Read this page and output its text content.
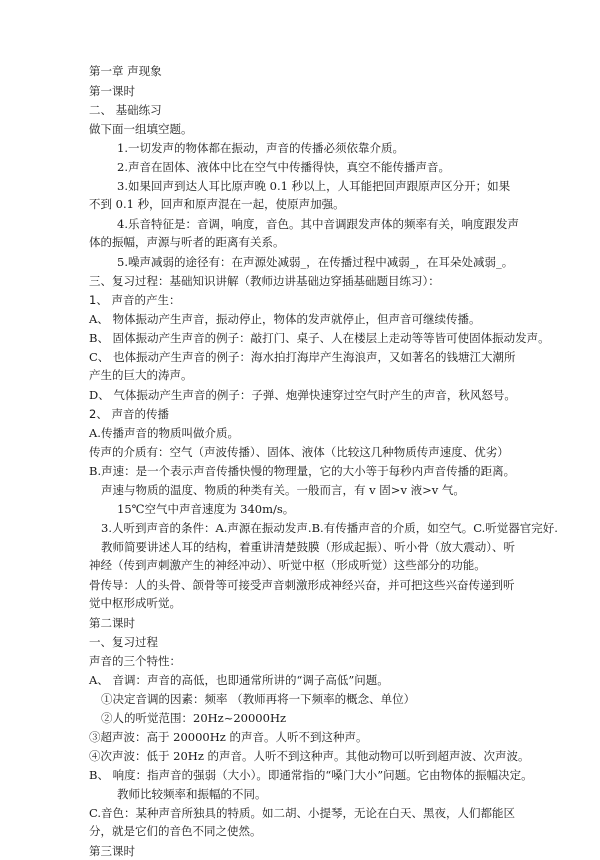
第一章 声现象
第一课时
二、 基础练习
做下面一组填空题。
1.一切发声的物体都在振动，声音的传播必须依靠介质。
2.声音在固体、液体中比在空气中传播得快，真空不能传播声音。
3.如果回声到达人耳比原声晚 0.1 秒以上，人耳能把回声跟原声区分开；如果不到 0.1 秒，回声和原声混在一起，使原声加强。
4.乐音特征是：音调，响度，音色。其中音调跟发声体的频率有关，响度跟发声体的振幅，声源与听者的距离有关系。
5.噪声减弱的途径有：在声源处减弱_，在传播过程中减弱_，在耳朵处减弱_。
三、复习过程：基础知识讲解（教师边讲基础边穿插基础题目练习）：
1、 声音的产生：
A、 物体振动产生声音，振动停止，物体的发声就停止，但声音可继续传播。
B、 固体振动产生声音的例子：敲打门、桌子、人在楼层上走动等等皆可使固体振动发声。
C、 也体振动产生声音的例子：海水拍打海岸产生海浪声，又如著名的钱塘江大潮所产生的巨大的涛声。
D、 气体振动产生声音的例子：子弹、炮弹快速穿过空气时产生的声音，秋风怒号。
2、 声音的传播
A.传播声音的物质叫做介质。
传声的介质有：空气（声波传播）、固体、液体（比较这几种物质传声速度、优劣）
B.声速：是一个表示声音传播快慢的物理量，它的大小等于每秒内声音传播的距离。
声速与物质的温度、物质的种类有关。一般而言，有 v 固>v 液>v 气。
15℃空气中声音速度为 340m/s。
3.人听到声音的条件：A.声源在振动发声.B.有传播声音的介质，如空气。C.听觉器官完好.
教师简要讲述人耳的结构，着重讲清楚鼓膜（形成起振）、听小骨（放大震动）、听神经（传到声刺激产生的神经冲动）、听觉中枢（形成听觉）这些部分的功能。
骨传导：人的头骨、颌骨等可接受声音刺激形成神经兴奋，并可把这些兴奋传递到听觉中枢形成听觉。
第二课时
一、复习过程
声音的三个特性：
A、 音调：声音的高低，也即通常所讲的“调子高低”问题。
①决定音调的因素：频率 （教师再将一下频率的概念、单位）
②人的听觉范围：20Hz~20000Hz
③超声波：高于 20000Hz 的声音。人听不到这种声。
④次声波：低于 20Hz 的声音。人听不到这种声。其他动物可以听到超声波、次声波。
B、 响度：指声音的强弱（大小）。即通常指的“嗓门大小”问题。它由物体的振幅决定。
教师比较频率和振幅的不同。
C.音色：某种声音所独具的特质。如二胡、小提琴，无论在白天、黑夜，人们都能区分，就是它们的音色不同之使然。
第三课时
